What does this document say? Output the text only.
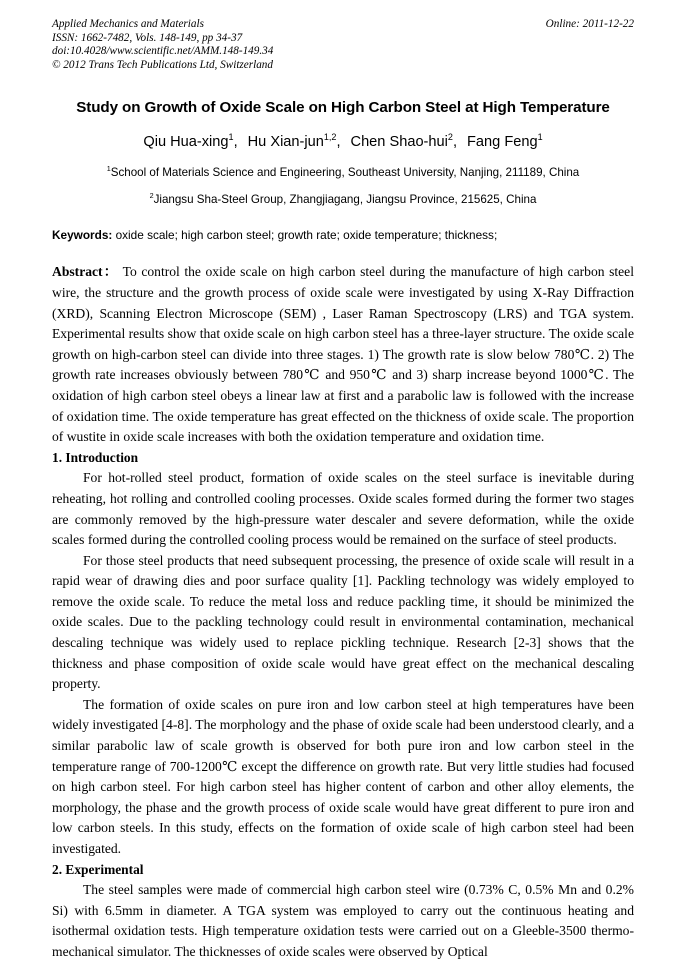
Applied Mechanics and Materials
ISSN: 1662-7482, Vols. 148-149, pp 34-37
doi:10.4028/www.scientific.net/AMM.148-149.34
© 2012 Trans Tech Publications Ltd, Switzerland
Online: 2011-12-22
Study on Growth of Oxide Scale on High Carbon Steel at High Temperature
Qiu Hua-xing$^1$, Hu Xian-jun$^{1,2}$, Chen Shao-hui$^2$, Fang Feng$^1$
$^1$School of Materials Science and Engineering, Southeast University, Nanjing, 211189, China
$^2$Jiangsu Sha-Steel Group, Zhangjiagang, Jiangsu Province, 215625, China
Keywords: oxide scale; high carbon steel; growth rate; oxide temperature; thickness;

Abstract： To control the oxide scale on high carbon steel during the manufacture of high carbon steel wire, the structure and the growth process of oxide scale were investigated by using X-Ray Diffraction (XRD), Scanning Electron Microscope (SEM) , Laser Raman Spectroscopy (LRS) and TGA system. Experimental results show that oxide scale on high carbon steel has a three-layer structure. The oxide scale growth on high-carbon steel can divide into three stages. 1) The growth rate is slow below 780℃. 2) The growth rate increases obviously between 780℃ and 950℃ and 3) sharp increase beyond 1000℃. The oxidation of high carbon steel obeys a linear law at first and a parabolic law is followed with the increase of oxidation time. The oxide temperature has great effected on the thickness of oxide scale. The proportion of wustite in oxide scale increases with both the oxidation temperature and oxidation time.

1. Introduction

For hot-rolled steel product, formation of oxide scales on the steel surface is inevitable during reheating, hot rolling and controlled cooling processes. Oxide scales formed during the former two stages are commonly removed by the high-pressure water descaler and severe deformation, while the oxide scales formed during the controlled cooling process would be remained on the surface of steel products.

For those steel products that need subsequent processing, the presence of oxide scale will result in a rapid wear of drawing dies and poor surface quality [1]. Packling technology was widely employed to remove the oxide scale. To reduce the metal loss and reduce packling time, it should be minimized the oxide scales. Due to the packling technology could result in environmental contamination, mechanical descaling technique was widely used to replace pickling technique. Research [2-3] shows that the thickness and phase composition of oxide scale would have great effect on the mechanical descaling property.

The formation of oxide scales on pure iron and low carbon steel at high temperatures have been widely investigated [4-8]. The morphology and the phase of oxide scale had been understood clearly, and a similar parabolic law of scale growth is observed for both pure iron and low carbon steel in the temperature range of 700-1200℃ except the difference on growth rate. But very little studies had focused on high carbon steel. For high carbon steel has higher content of carbon and other alloy elements, the morphology, the phase and the growth process of oxide scale would have great different to pure iron and low carbon steels. In this study, effects on the formation of oxide scale of high carbon steel had been investigated.

2. Experimental

The steel samples were made of commercial high carbon steel wire (0.73% C, 0.5% Mn and 0.2% Si) with 6.5mm in diameter. A TGA system was employed to carry out the continuous heating and isothermal oxidation tests. High temperature oxidation tests were carried out on a Gleeble-3500 thermo-mechanical simulator. The thicknesses of oxide scales were observed by Optical
